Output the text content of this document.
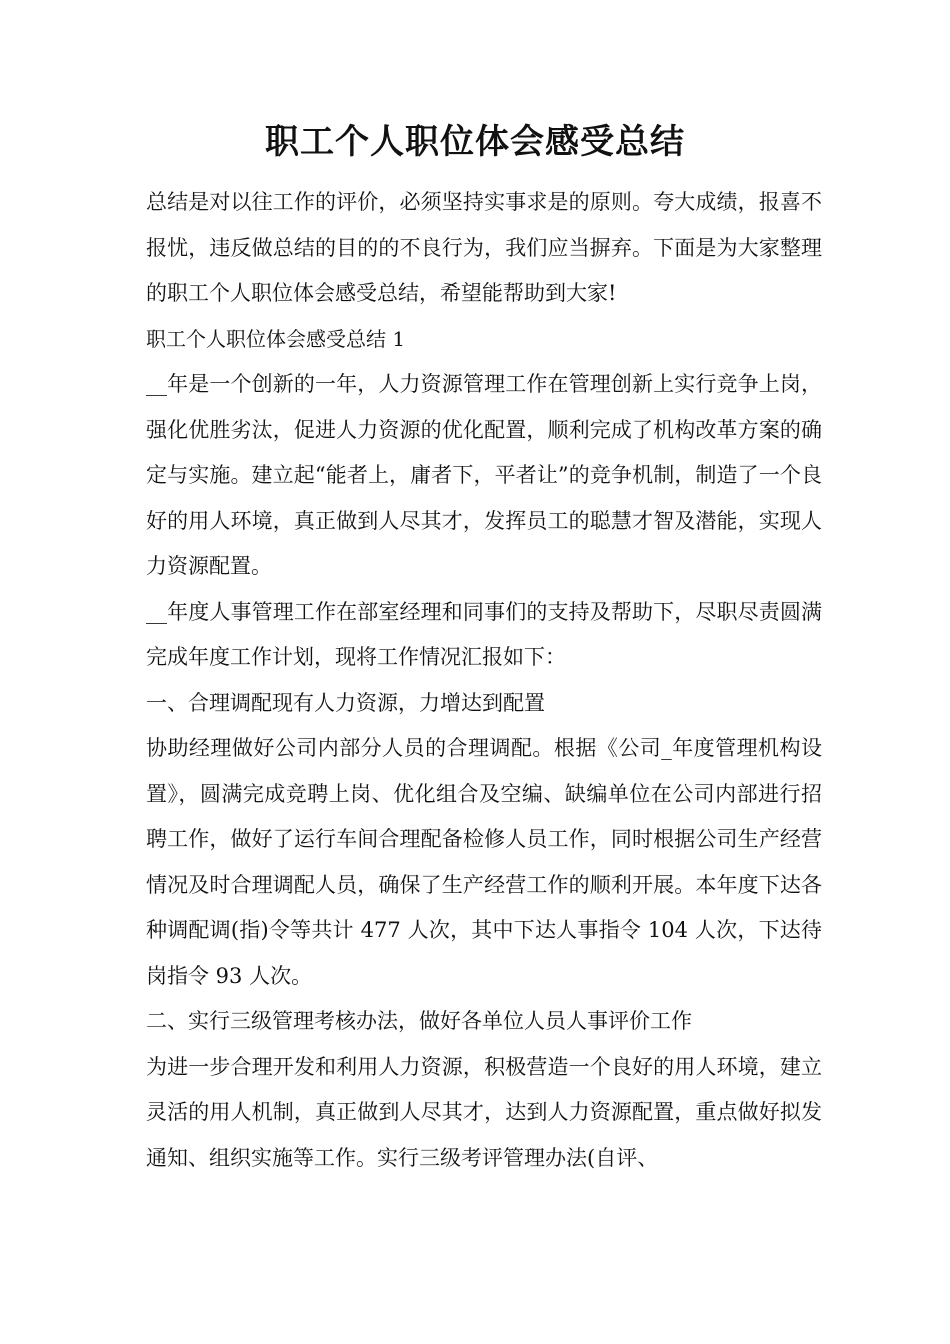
职工个人职位体会感受总结

总结是对以往工作的评价，必须坚持实事求是的原则。夸大成绩，报喜不报忧，违反做总结的目的的不良行为，我们应当摒弃。下面是为大家整理的职工个人职位体会感受总结，希望能帮助到大家!

职工个人职位体会感受总结 1

__年是一个创新的一年，人力资源管理工作在管理创新上实行竞争上岗，强化优胜劣汰，促进人力资源的优化配置，顺利完成了机构改革方案的确定与实施。建立起“能者上，庸者下，平者让”的竞争机制，制造了一个良好的用人环境，真正做到人尽其才，发挥员工的聪慧才智及潜能，实现人力资源配置。

__年度人事管理工作在部室经理和同事们的支持及帮助下，尽职尽责圆满完成年度工作计划，现将工作情况汇报如下：

一、合理调配现有人力资源，力增达到配置

协助经理做好公司内部分人员的合理调配。根据《公司_年度管理机构设置》，圆满完成竞聘上岗、优化组合及空编、缺编单位在公司内部进行招聘工作，做好了运行车间合理配备检修人员工作，同时根据公司生产经营情况及时合理调配人员，确保了生产经营工作的顺利开展。本年度下达各种调配调(指)令等共计 477 人次，其中下达人事指令 104 人次，下达待岗指令 93 人次。

二、实行三级管理考核办法，做好各单位人员人事评价工作

为进一步合理开发和利用人力资源，积极营造一个良好的用人环境，建立灵活的用人机制，真正做到人尽其才，达到人力资源配置，重点做好拟发通知、组织实施等工作。实行三级考评管理办法(自评、
